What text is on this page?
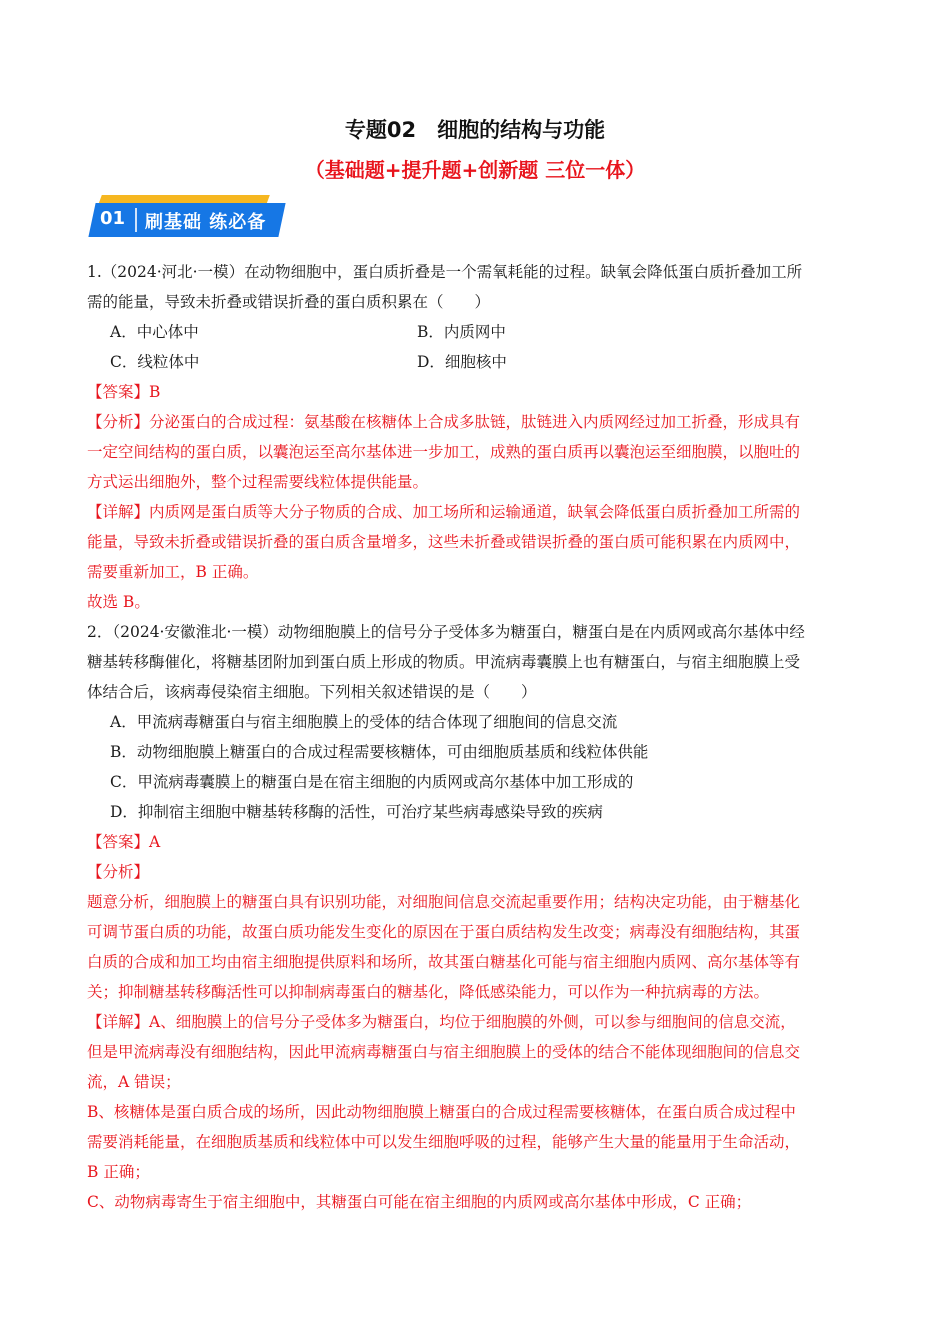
专题02　细胞的结构与功能
（基础题+提升题+创新题 三位一体）
01 刷基础 练必备

1.（2024·河北·一模）在动物细胞中，蛋白质折叠是一个需氧耗能的过程。缺氧会降低蛋白质折叠加工所

需的能量，导致未折叠或错误折叠的蛋白质积累在（　　）

A．中心体中	B．内质网中
C．线粒体中	D．细胞核中

【答案】B

【分析】分泌蛋白的合成过程：氨基酸在核糖体上合成多肽链，肽链进入内质网经过加工折叠，形成具有

一定空间结构的蛋白质，以囊泡运至高尔基体进一步加工，成熟的蛋白质再以囊泡运至细胞膜，以胞吐的

方式运出细胞外，整个过程需要线粒体提供能量。

【详解】内质网是蛋白质等大分子物质的合成、加工场所和运输通道，缺氧会降低蛋白质折叠加工所需的

能量，导致未折叠或错误折叠的蛋白质含量增多，这些未折叠或错误折叠的蛋白质可能积累在内质网中，

需要重新加工，B 正确。

故选 B。

2．（2024·安徽淮北·一模）动物细胞膜上的信号分子受体多为糖蛋白，糖蛋白是在内质网或高尔基体中经

糖基转移酶催化，将糖基团附加到蛋白质上形成的物质。甲流病毒囊膜上也有糖蛋白，与宿主细胞膜上受

体结合后，该病毒侵染宿主细胞。下列相关叙述错误的是（　　）

A．甲流病毒糖蛋白与宿主细胞膜上的受体的结合体现了细胞间的信息交流

B．动物细胞膜上糖蛋白的合成过程需要核糖体，可由细胞质基质和线粒体供能

C．甲流病毒囊膜上的糖蛋白是在宿主细胞的内质网或高尔基体中加工形成的

D．抑制宿主细胞中糖基转移酶的活性，可治疗某些病毒感染导致的疾病

【答案】A

【分析】

题意分析，细胞膜上的糖蛋白具有识别功能，对细胞间信息交流起重要作用；结构决定功能，由于糖基化

可调节蛋白质的功能，故蛋白质功能发生变化的原因在于蛋白质结构发生改变；病毒没有细胞结构，其蛋

白质的合成和加工均由宿主细胞提供原料和场所，故其蛋白糖基化可能与宿主细胞内质网、高尔基体等有

关；抑制糖基转移酶活性可以抑制病毒蛋白的糖基化，降低感染能力，可以作为一种抗病毒的方法。

【详解】A、细胞膜上的信号分子受体多为糖蛋白，均位于细胞膜的外侧，可以参与细胞间的信息交流，

但是甲流病毒没有细胞结构，因此甲流病毒糖蛋白与宿主细胞膜上的受体的结合不能体现细胞间的信息交

流，A 错误；

B、核糖体是蛋白质合成的场所，因此动物细胞膜上糖蛋白的合成过程需要核糖体，在蛋白质合成过程中

需要消耗能量，在细胞质基质和线粒体中可以发生细胞呼吸的过程，能够产生大量的能量用于生命活动，

B 正确；

C、动物病毒寄生于宿主细胞中，其糖蛋白可能在宿主细胞的内质网或高尔基体中形成，C 正确；
